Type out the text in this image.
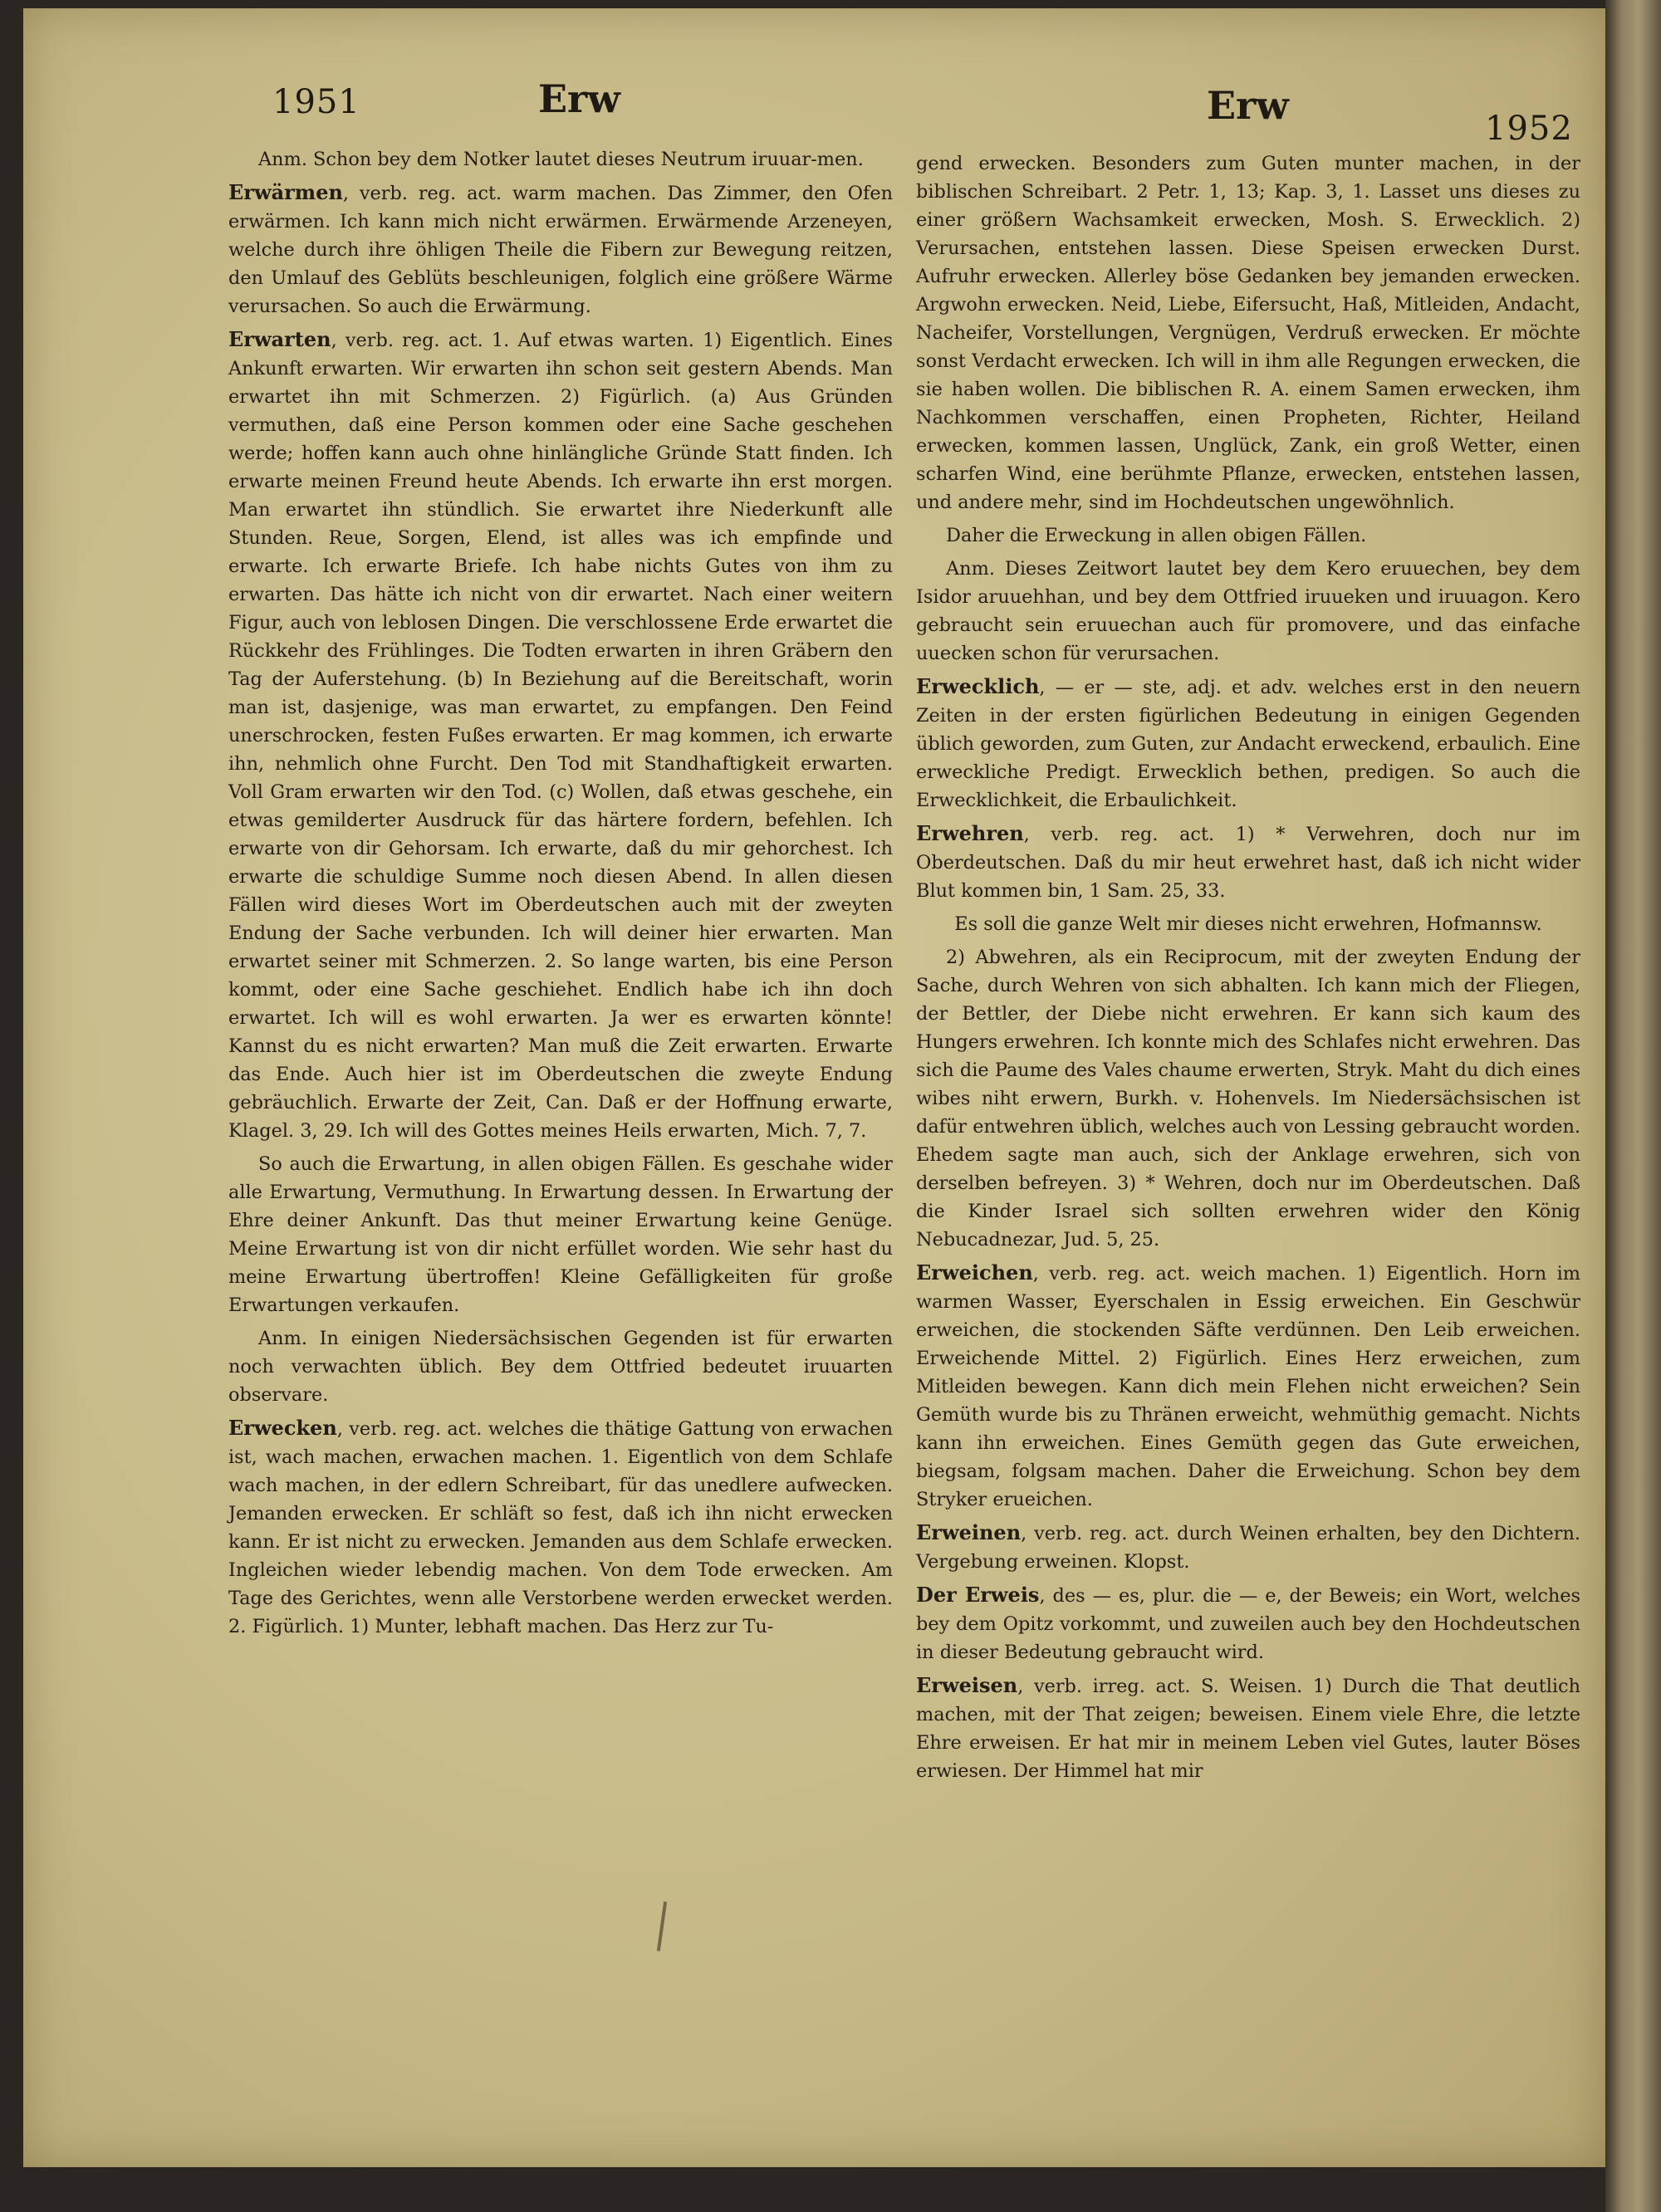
1951	Erw	Erw
1952

Anm. Schon bey dem Notker lautet dieses Neutrum iruuar-men.

Erwärmen, verb. reg. act. warm machen. Das Zimmer, den Ofen erwärmen. Ich kann mich nicht erwärmen. Erwärmende Arzeneyen, welche durch ihre öhligen Theile die Fibern zur Bewegung reitzen, den Umlauf des Geblüts beschleunigen, folglich eine größere Wärme verursachen. So auch die Erwärmung.

Erwarten, verb. reg. act. 1. Auf etwas warten. 1) Eigentlich. Eines Ankunft erwarten. Wir erwarten ihn schon seit gestern Abends. Man erwartet ihn mit Schmerzen. 2) Figürlich. (a) Aus Gründen vermuthen, daß eine Person kommen oder eine Sache geschehen werde; hoffen kann auch ohne hinlängliche Gründe Statt finden. Ich erwarte meinen Freund heute Abends. Ich erwarte ihn erst morgen. Man erwartet ihn stündlich. Sie erwartet ihre Niederkunft alle Stunden. Reue, Sorgen, Elend, ist alles was ich empfinde und erwarte. Ich erwarte Briefe. Ich habe nichts Gutes von ihm zu erwarten. Das hätte ich nicht von dir erwartet. Nach einer weitern Figur, auch von leblosen Dingen. Die verschlossene Erde erwartet die Rückkehr des Frühlinges. Die Todten erwarten in ihren Gräbern den Tag der Auferstehung. (b) In Beziehung auf die Bereitschaft, worin man ist, dasjenige, was man erwartet, zu empfangen. Den Feind unerschrocken, festen Fußes erwarten. Er mag kommen, ich erwarte ihn, nehmlich ohne Furcht. Den Tod mit Standhaftigkeit erwarten. Voll Gram erwarten wir den Tod. (c) Wollen, daß etwas geschehe, ein etwas gemilderter Ausdruck für das härtere fordern, befehlen. Ich erwarte von dir Gehorsam. Ich erwarte, daß du mir gehorchest. Ich erwarte die schuldige Summe noch diesen Abend. In allen diesen Fällen wird dieses Wort im Oberdeutschen auch mit der zweyten Endung der Sache verbunden. Ich will deiner hier erwarten. Man erwartet seiner mit Schmerzen. 2. So lange warten, bis eine Person kommt, oder eine Sache geschiehet. Endlich habe ich ihn doch erwartet. Ich will es wohl erwarten. Ja wer es erwarten könnte! Kannst du es nicht erwarten? Man muß die Zeit erwarten. Erwarte das Ende. Auch hier ist im Oberdeutschen die zweyte Endung gebräuchlich. Erwarte der Zeit, Can. Daß er der Hoffnung erwarte, Klagel. 3, 29. Ich will des Gottes meines Heils erwarten, Mich. 7, 7.

So auch die Erwartung, in allen obigen Fällen. Es geschahe wider alle Erwartung, Vermuthung. In Erwartung dessen. In Erwartung der Ehre deiner Ankunft. Das thut meiner Erwartung keine Genüge. Meine Erwartung ist von dir nicht erfüllet worden. Wie sehr hast du meine Erwartung übertroffen! Kleine Gefälligkeiten für große Erwartungen verkaufen.

Anm. In einigen Niedersächsischen Gegenden ist für erwarten noch verwachten üblich. Bey dem Ottfried bedeutet iruuarten observare.

Erwecken, verb. reg. act. welches die thätige Gattung von erwachen ist, wach machen, erwachen machen. 1. Eigentlich von dem Schlafe wach machen, in der edlern Schreibart, für das unedlere aufwecken. Jemanden erwecken. Er schläft so fest, daß ich ihn nicht erwecken kann. Er ist nicht zu erwecken. Jemanden aus dem Schlafe erwecken. Ingleichen wieder lebendig machen. Von dem Tode erwecken. Am Tage des Gerichtes, wenn alle Verstorbene werden erwecket werden. 2. Figürlich. 1) Munter, lebhaft machen. Das Herz zur Tu-

gend erwecken. Besonders zum Guten munter machen, in der biblischen Schreibart. 2 Petr. 1, 13; Kap. 3, 1. Lasset uns dieses zu einer größern Wachsamkeit erwecken, Mosh. S. Erwecklich. 2) Verursachen, entstehen lassen. Diese Speisen erwecken Durst. Aufruhr erwecken. Allerley böse Gedanken bey jemanden erwecken. Argwohn erwecken. Neid, Liebe, Eifersucht, Haß, Mitleiden, Andacht, Nacheifer, Vorstellungen, Vergnügen, Verdruß erwecken. Er möchte sonst Verdacht erwecken. Ich will in ihm alle Regungen erwecken, die sie haben wollen. Die biblischen R. A. einem Samen erwecken, ihm Nachkommen verschaffen, einen Propheten, Richter, Heiland erwecken, kommen lassen, Unglück, Zank, ein groß Wetter, einen scharfen Wind, eine berühmte Pflanze, erwecken, entstehen lassen, und andere mehr, sind im Hochdeutschen ungewöhnlich.

Daher die Erweckung in allen obigen Fällen.

Anm. Dieses Zeitwort lautet bey dem Kero eruuechen, bey dem Isidor aruuehhan, und bey dem Ottfried iruueken und iruuagon. Kero gebraucht sein eruuechan auch für promovere, und das einfache uuecken schon für verursachen.

Erwecklich, — er — ste, adj. et adv. welches erst in den neuern Zeiten in der ersten figürlichen Bedeutung in einigen Gegenden üblich geworden, zum Guten, zur Andacht erweckend, erbaulich. Eine erweckliche Predigt. Erwecklich bethen, predigen. So auch die Erwecklichkeit, die Erbaulichkeit.

Erwehren, verb. reg. act. 1) * Verwehren, doch nur im Oberdeutschen. Daß du mir heut erwehret hast, daß ich nicht wider Blut kommen bin, 1 Sam. 25, 33.

Es soll die ganze Welt mir dieses nicht erwehren, Hofmannsw.

2) Abwehren, als ein Reciprocum, mit der zweyten Endung der Sache, durch Wehren von sich abhalten. Ich kann mich der Fliegen, der Bettler, der Diebe nicht erwehren. Er kann sich kaum des Hungers erwehren. Ich konnte mich des Schlafes nicht erwehren. Das sich die Paume des Vales chaume erwerten, Stryk. Maht du dich eines wibes niht erwern, Burkh. v. Hohenvels. Im Niedersächsischen ist dafür entwehren üblich, welches auch von Lessing gebraucht worden. Ehedem sagte man auch, sich der Anklage erwehren, sich von derselben befreyen. 3) * Wehren, doch nur im Oberdeutschen. Daß die Kinder Israel sich sollten erwehren wider den König Nebucadnezar, Jud. 5, 25.

Erweichen, verb. reg. act. weich machen. 1) Eigentlich. Horn im warmen Wasser, Eyerschalen in Essig erweichen. Ein Geschwür erweichen, die stockenden Säfte verdünnen. Den Leib erweichen. Erweichende Mittel. 2) Figürlich. Eines Herz erweichen, zum Mitleiden bewegen. Kann dich mein Flehen nicht erweichen? Sein Gemüth wurde bis zu Thränen erweicht, wehmüthig gemacht. Nichts kann ihn erweichen. Eines Gemüth gegen das Gute erweichen, biegsam, folgsam machen. Daher die Erweichung. Schon bey dem Stryker erueichen.

Erweinen, verb. reg. act. durch Weinen erhalten, bey den Dichtern. Vergebung erweinen. Klopst.

Der Erweis, des — es, plur. die — e, der Beweis; ein Wort, welches bey dem Opitz vorkommt, und zuweilen auch bey den Hochdeutschen in dieser Bedeutung gebraucht wird.

Erweisen, verb. irreg. act. S. Weisen. 1) Durch die That deutlich machen, mit der That zeigen; beweisen. Einem viele Ehre, die letzte Ehre erweisen. Er hat mir in meinem Leben viel Gutes, lauter Böses erwiesen. Der Himmel hat mir
